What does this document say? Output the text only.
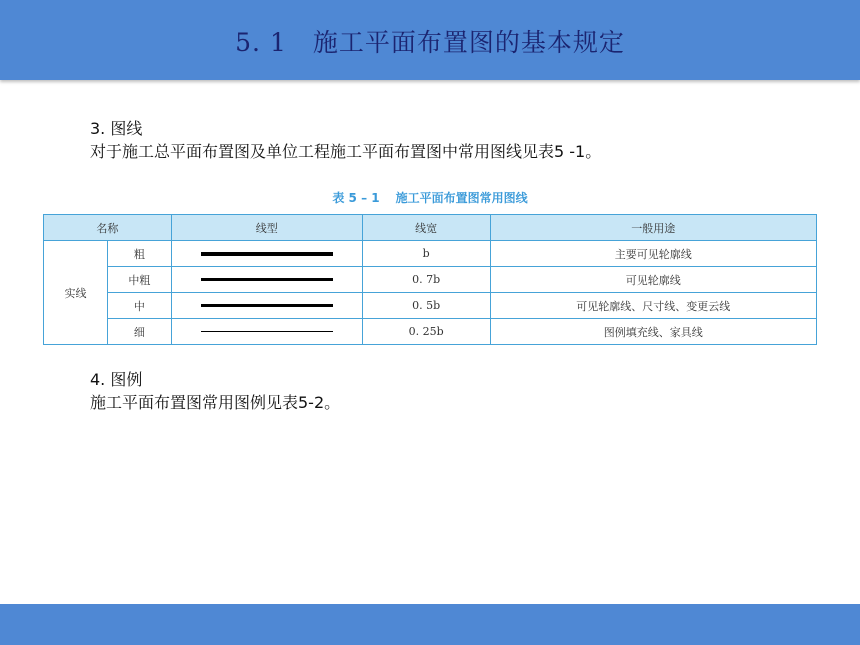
5. 1　施工平面布置图的基本规定
3. 图线
对于施工总平面布置图及单位工程施工平面布置图中常用图线见表5 -1。
表 5 – 1 施工平面布置图常用图线
名称		线型	线宽	一般用途
实线	粗		b	主要可见轮廓线
	中粗		0. 7b	可见轮廓线
	中		0. 5b	可见轮廓线、尺寸线、变更云线
	细		0. 25b	图例填充线、家具线
4. 图例
施工平面布置图常用图例见表5-2。
